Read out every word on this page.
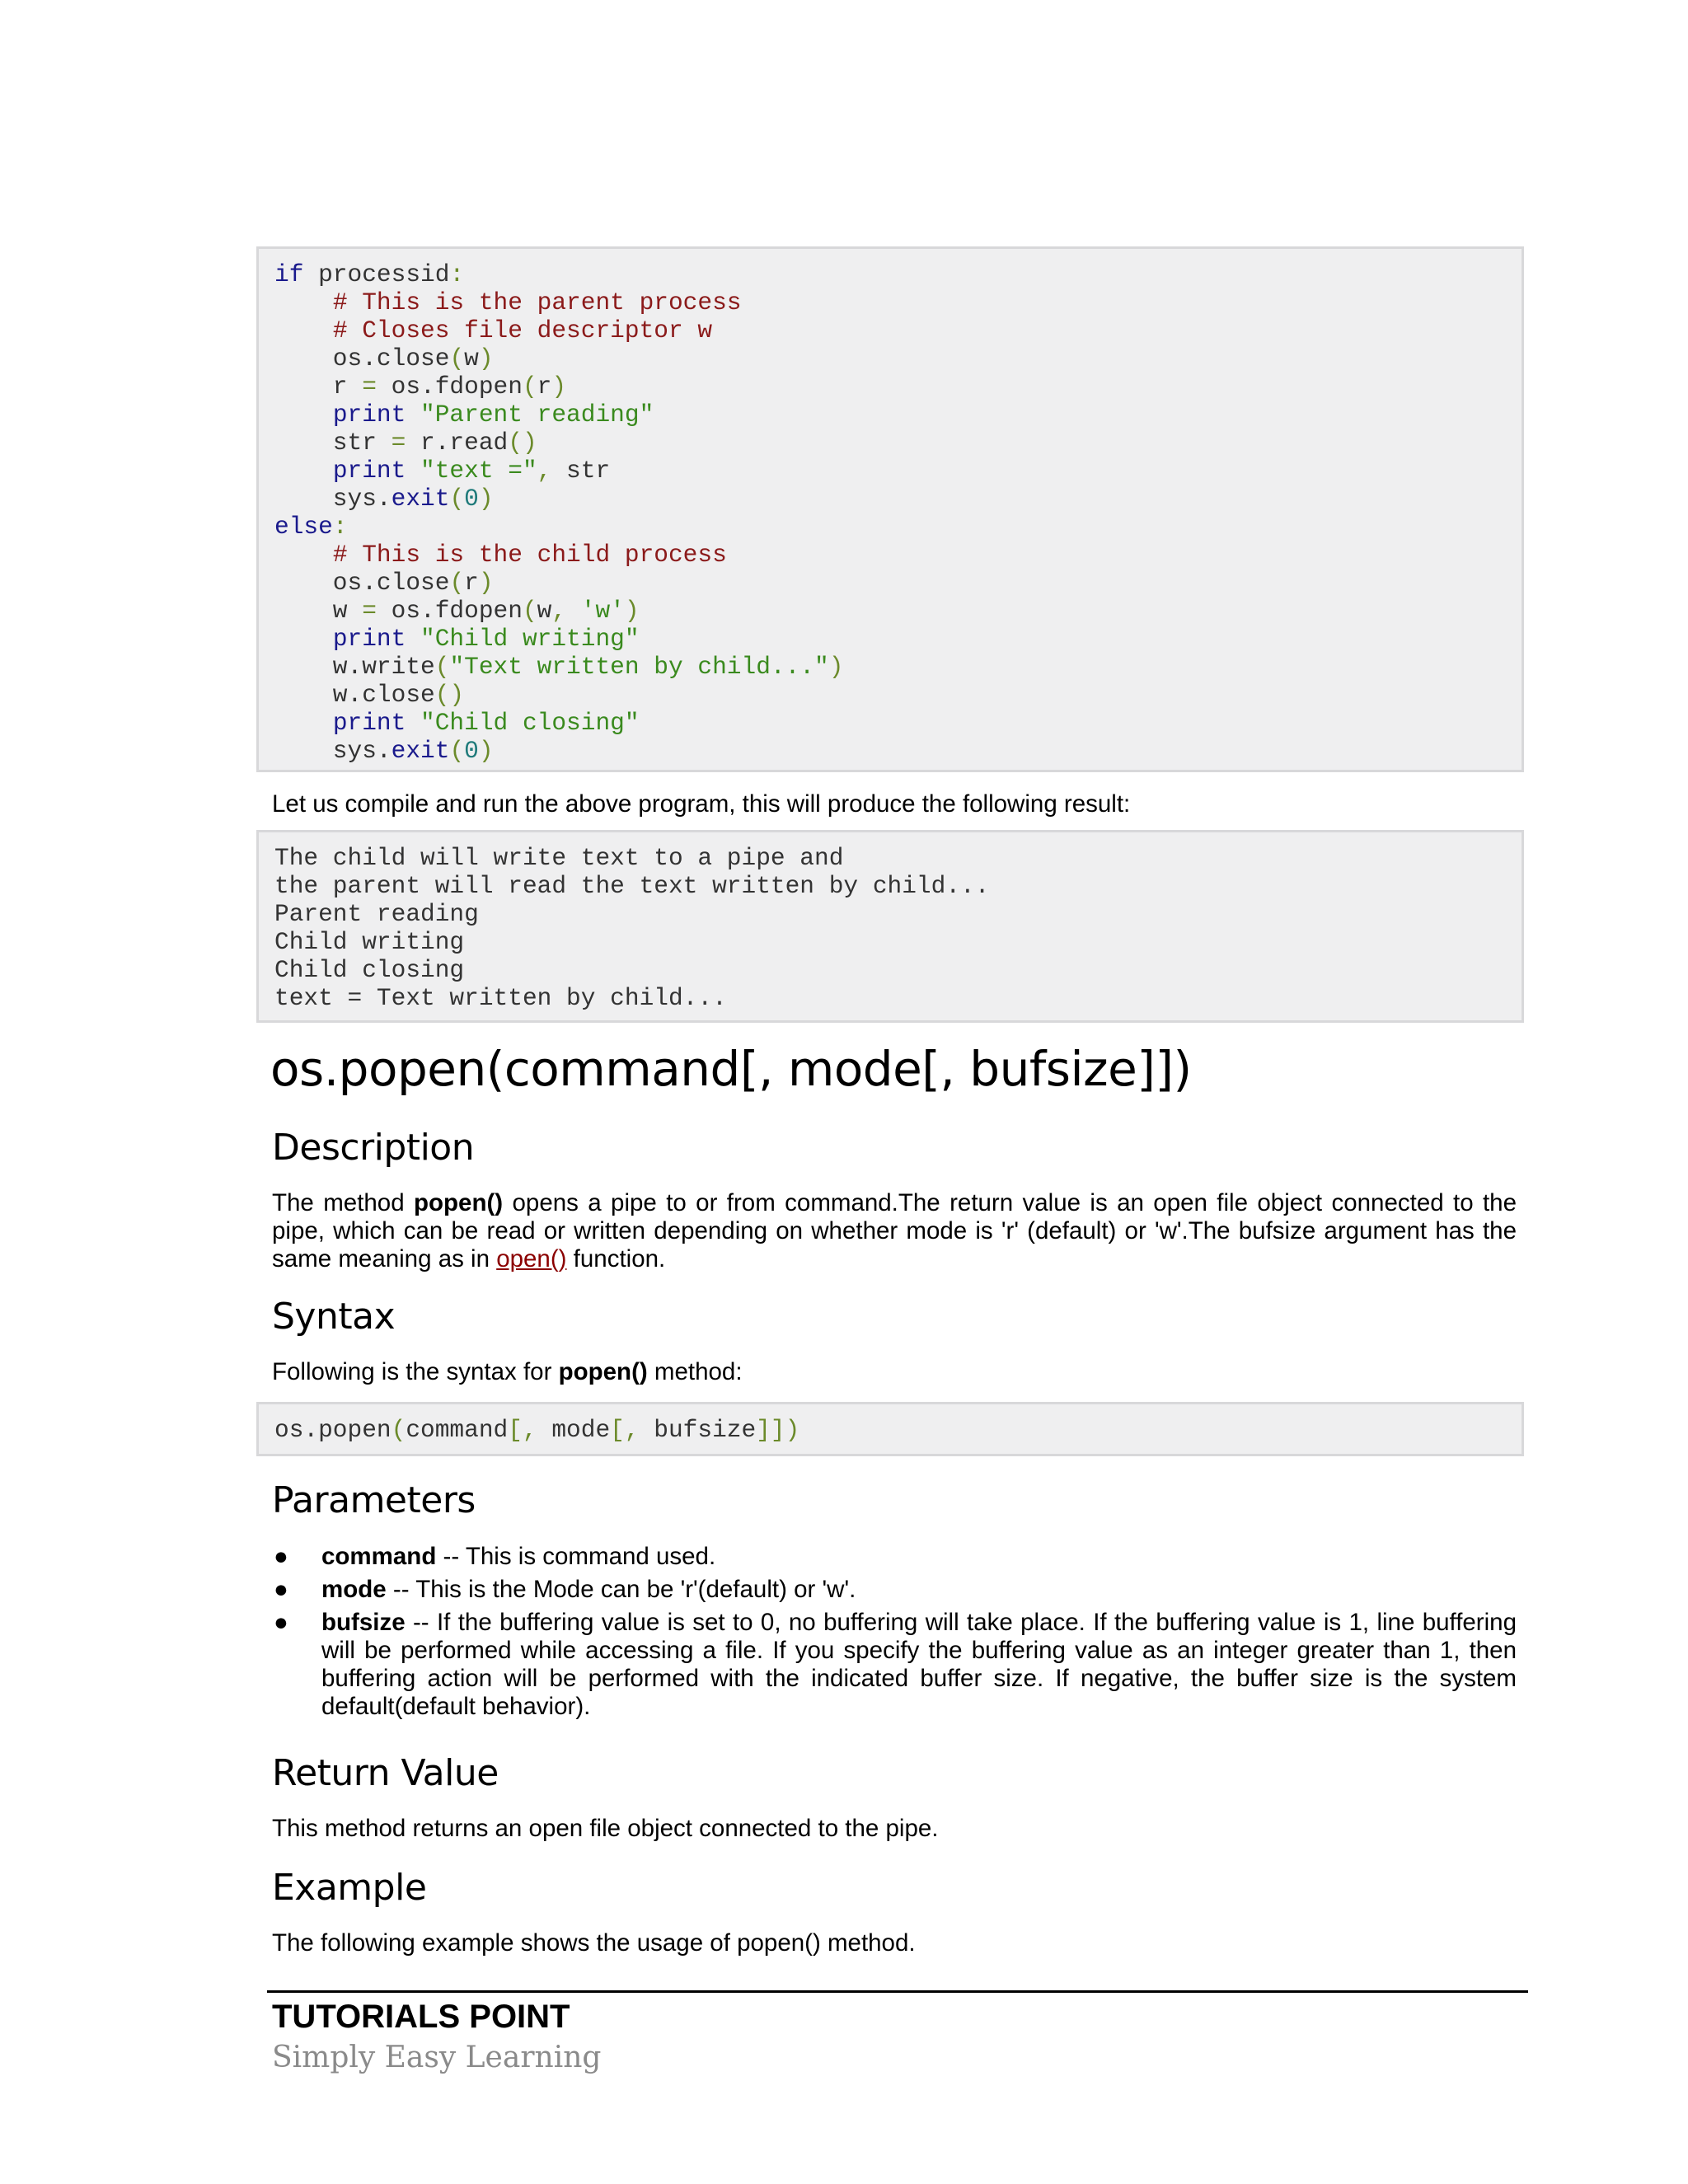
if processid:
# This is the parent process
# Closes file descriptor w
os.close(w)
r = os.fdopen(r)
print "Parent reading"
str = r.read()
print "text =", str
sys.exit(0)
else:
# This is the child process
os.close(r)
w = os.fdopen(w, 'w')
print "Child writing"
w.write("Text written by child...")
w.close()
print "Child closing"
sys.exit(0)
Let us compile and run the above program, this will produce the following result:
The child will write text to a pipe and
the parent will read the text written by child...
Parent reading
Child writing
Child closing
text = Text written by child...
os.popen(command[, mode[, bufsize]])
Description
The method popen() opens a pipe to or from command.The return value is an open file object connected to the pipe, which can be read or written depending on whether mode is 'r' (default) or 'w'.The bufsize argument has the same meaning as in open() function.
Syntax
Following is the syntax for popen() method:
os.popen(command[, mode[, bufsize]])
Parameters
● command -- This is command used.
● mode -- This is the Mode can be 'r'(default) or 'w'.
● bufsize -- If the buffering value is set to 0, no buffering will take place. If the buffering value is 1, line buffering will be performed while accessing a file. If you specify the buffering value as an integer greater than 1, then buffering action will be performed with the indicated buffer size. If negative, the buffer size is the system default(default behavior).
Return Value
This method returns an open file object connected to the pipe.
Example
The following example shows the usage of popen() method.
TUTORIALS POINT
Simply Easy Learning
